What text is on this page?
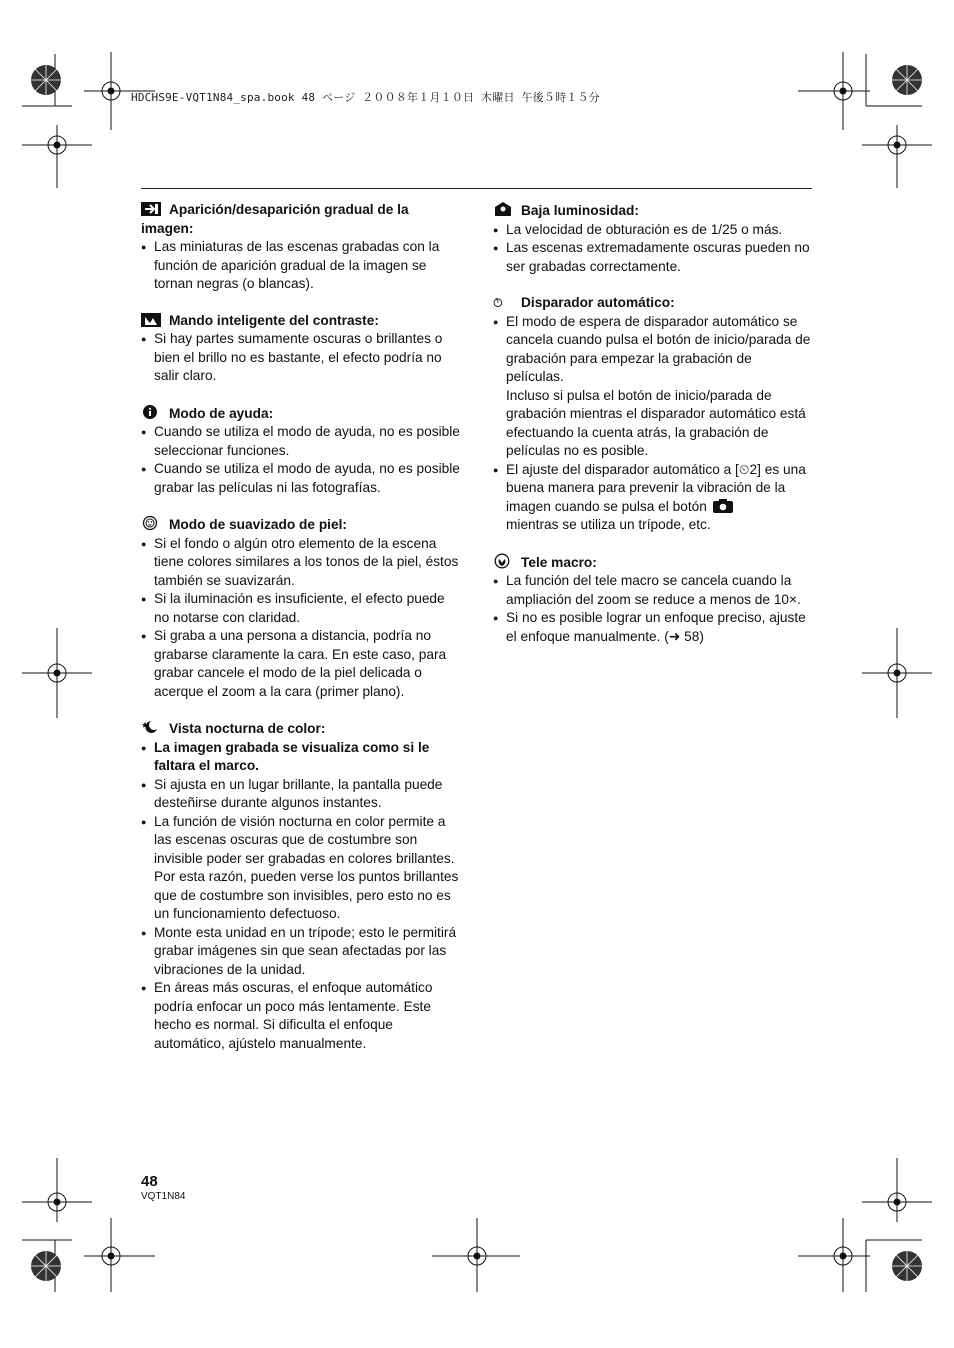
HDCHS9E-VQT1N84_spa.book 48 ページ ２００８年１月１０日 木曜日 午後５時１５分
Aparición/desaparición gradual de la imagen:
● Las miniaturas de las escenas grabadas con la función de aparición gradual de la imagen se tornan negras (o blancas).
Mando inteligente del contraste:
● Si hay partes sumamente oscuras o brillantes o bien el brillo no es bastante, el efecto podría no salir claro.
Modo de ayuda:
● Cuando se utiliza el modo de ayuda, no es posible seleccionar funciones.
● Cuando se utiliza el modo de ayuda, no es posible grabar las películas ni las fotografías.
Modo de suavizado de piel:
● Si el fondo o algún otro elemento de la escena tiene colores similares a los tonos de la piel, éstos también se suavizarán.
● Si la iluminación es insuficiente, el efecto puede no notarse con claridad.
● Si graba a una persona a distancia, podría no grabarse claramente la cara. En este caso, para grabar cancele el modo de la piel delicada o acerque el zoom a la cara (primer plano).
Vista nocturna de color:
● La imagen grabada se visualiza como si le faltara el marco.
● Si ajusta en un lugar brillante, la pantalla puede desteñirse durante algunos instantes.
● La función de visión nocturna en color permite a las escenas oscuras que de costumbre son invisible poder ser grabadas en colores brillantes. Por esta razón, pueden verse los puntos brillantes que de costumbre son invisibles, pero esto no es un funcionamiento defectuoso.
● Monte esta unidad en un trípode; esto le permitirá grabar imágenes sin que sean afectadas por las vibraciones de la unidad.
● En áreas más oscuras, el enfoque automático podría enfocar un poco más lentamente. Este hecho es normal. Si dificulta el enfoque automático, ajústelo manualmente.
Baja luminosidad:
● La velocidad de obturación es de 1/25 o más.
● Las escenas extremadamente oscuras pueden no ser grabadas correctamente.
Disparador automático:
● El modo de espera de disparador automático se cancela cuando pulsa el botón de inicio/parada de grabación para empezar la grabación de películas.
Incluso si pulsa el botón de inicio/parada de grabación mientras el disparador automático está efectuando la cuenta atrás, la grabación de películas no es posible.
● El ajuste del disparador automático a [⏲2] es una buena manera para prevenir la vibración de la imagen cuando se pulsa el botón
mientras se utiliza un trípode, etc.
Tele macro:
● La función del tele macro se cancela cuando la ampliación del zoom se reduce a menos de 10×.
● Si no es posible lograr un enfoque preciso, ajuste el enfoque manualmente. (➜ 58)
48
VQT1N84
